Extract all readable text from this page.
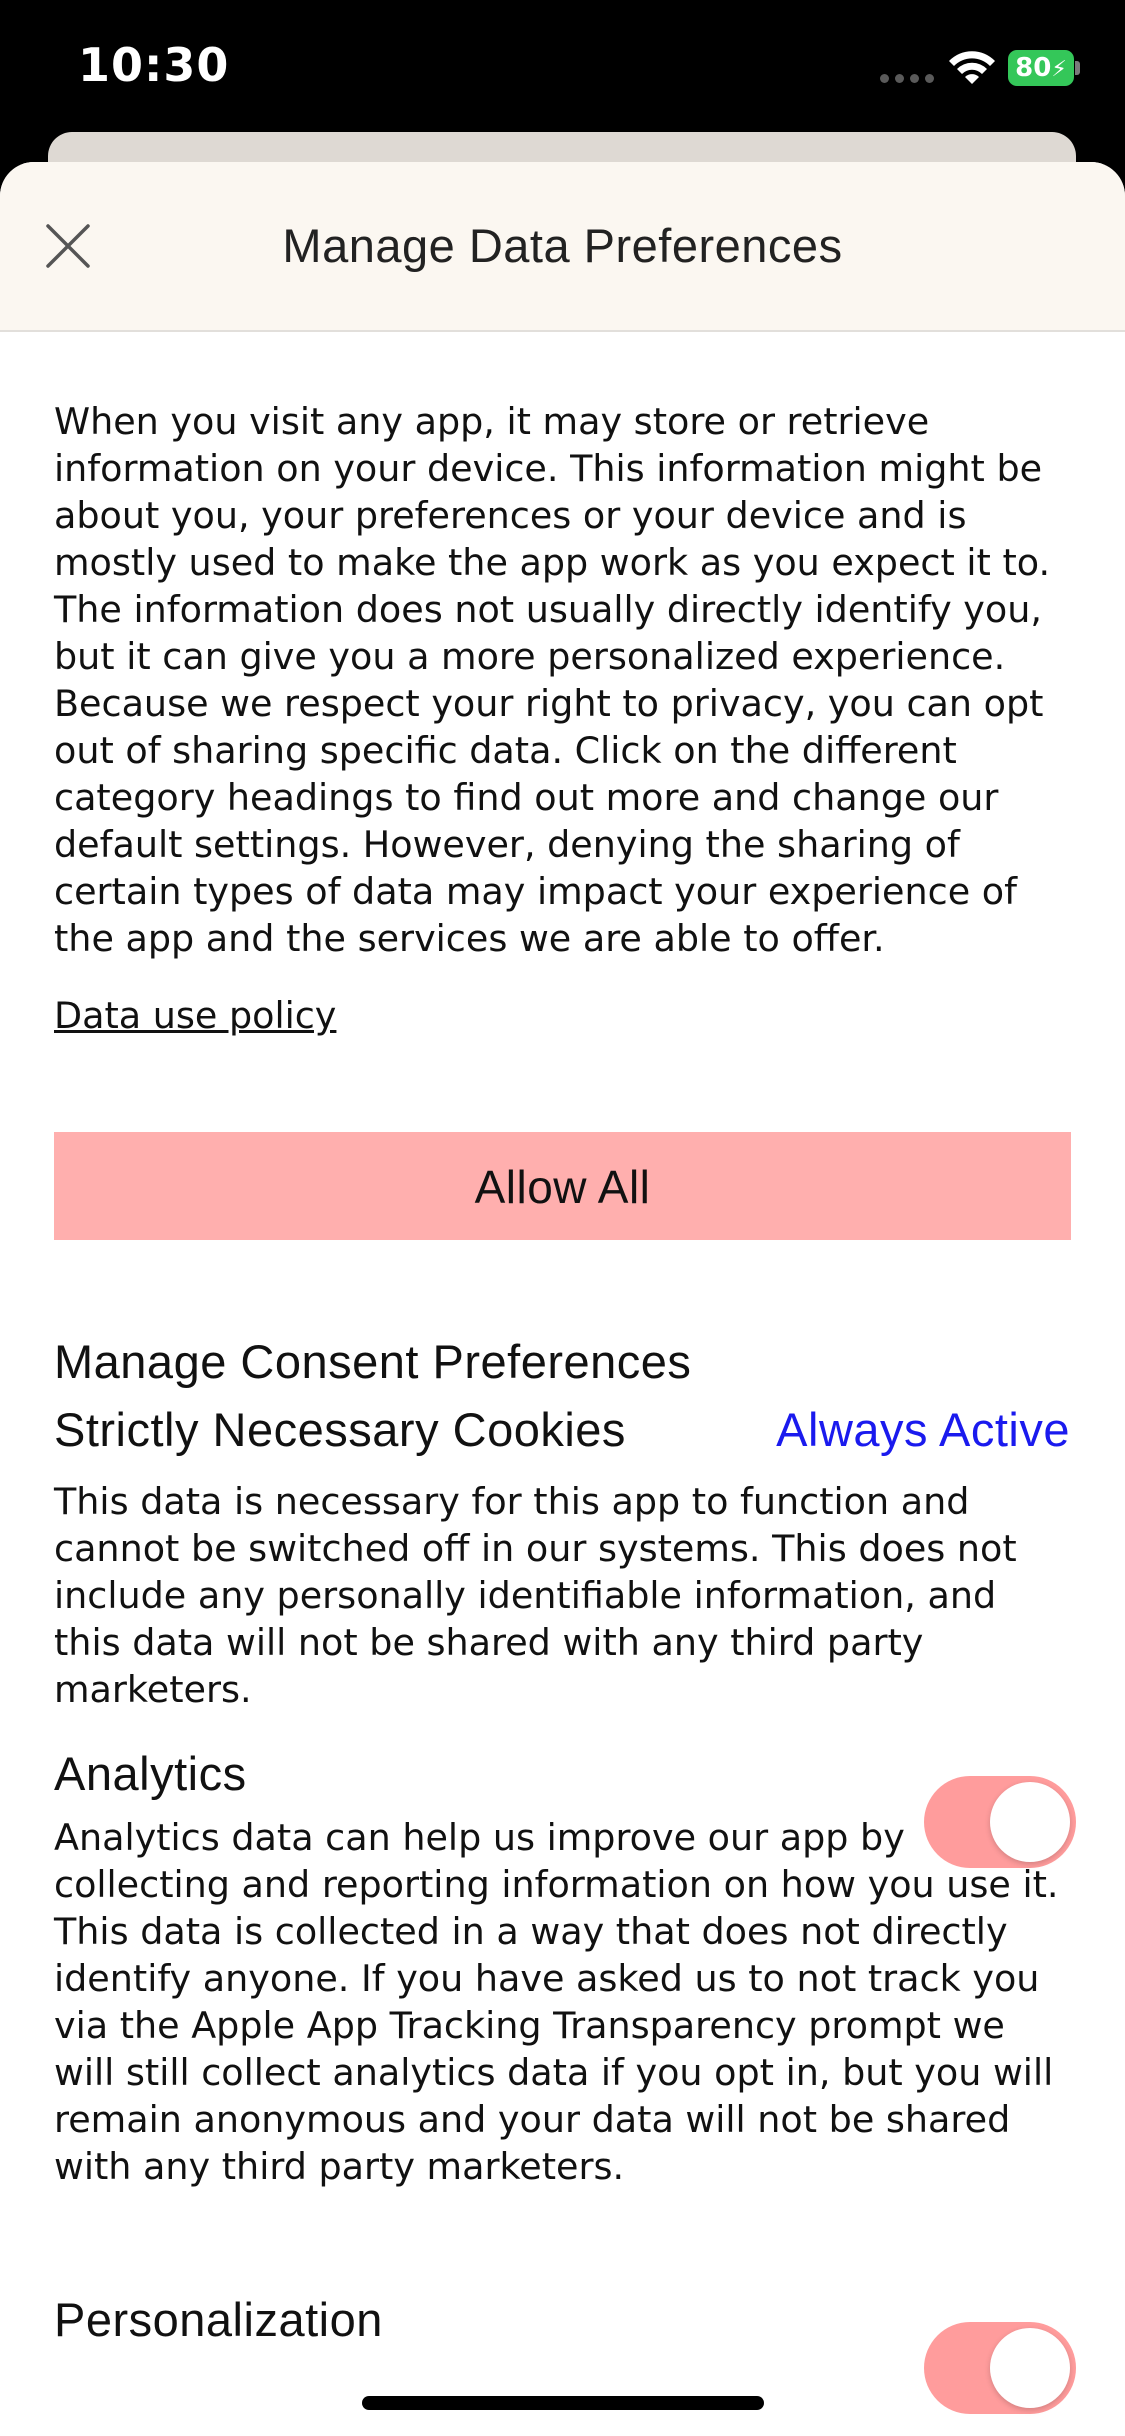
10:30	80⚡
Manage Data Preferences

When you visit any app, it may store or retrieve information on your device. This information might be about you, your preferences or your device and is mostly used to make the app work as you expect it to. The information does not usually directly identify you, but it can give you a more personalized experience. Because we respect your right to privacy, you can opt out of sharing specific data. Click on the different category headings to find out more and change our default settings. However, denying the sharing of certain types of data may impact your experience of the app and the services we are able to offer.

Data use policy
Allow All
Manage Consent Preferences
Strictly Necessary Cookies	Always Active

This data is necessary for this app to function and cannot be switched off in our systems. This does not include any personally identifiable information, and this data will not be shared with any third party marketers.

Analytics

Analytics data can help us improve our app by collecting and reporting information on how you use it. This data is collected in a way that does not directly identify anyone. If you have asked us to not track you via the Apple App Tracking Transparency prompt we will still collect analytics data if you opt in, but you will remain anonymous and your data will not be shared with any third party marketers.

Personalization
